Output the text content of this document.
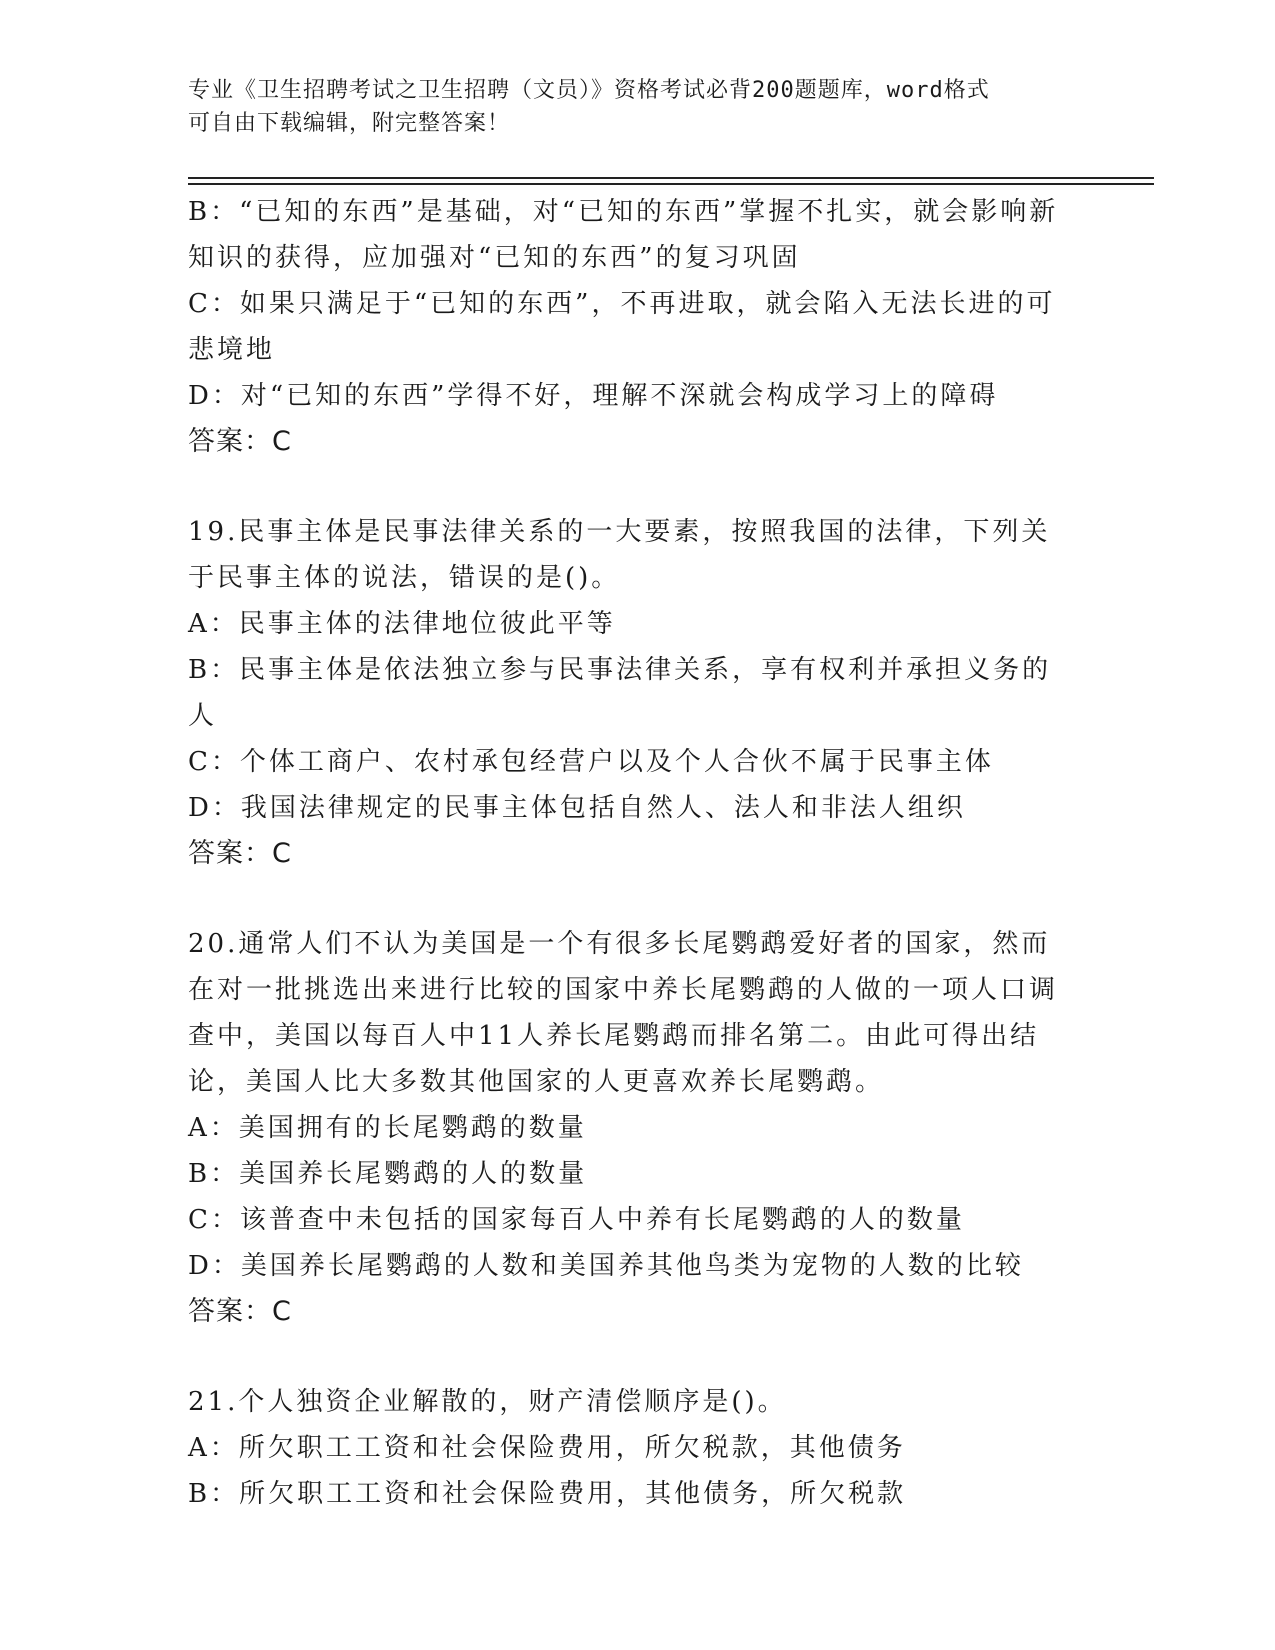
专业《卫生招聘考试之卫生招聘（文员）》资格考试必背200题题库，word格式
可自由下载编辑，附完整答案！
B：“已知的东西”是基础，对“已知的东西”掌握不扎实，就会影响新知识的获得，应加强对“已知的东西”的复习巩固
C：如果只满足于“已知的东西”，不再进取，就会陷入无法长进的可悲境地
D：对“已知的东西”学得不好，理解不深就会构成学习上的障碍
答案：C
19.民事主体是民事法律关系的一大要素，按照我国的法律，下列关于民事主体的说法，错误的是()。
A：民事主体的法律地位彼此平等
B：民事主体是依法独立参与民事法律关系，享有权利并承担义务的人
C：个体工商户、农村承包经营户以及个人合伙不属于民事主体
D：我国法律规定的民事主体包括自然人、法人和非法人组织
答案：C
20.通常人们不认为美国是一个有很多长尾鹦鹉爱好者的国家，然而在对一批挑选出来进行比较的国家中养长尾鹦鹉的人做的一项人口调查中，美国以每百人中11人养长尾鹦鹉而排名第二。由此可得出结论，美国人比大多数其他国家的人更喜欢养长尾鹦鹉。
A：美国拥有的长尾鹦鹉的数量
B：美国养长尾鹦鹉的人的数量
C：该普查中未包括的国家每百人中养有长尾鹦鹉的人的数量
D：美国养长尾鹦鹉的人数和美国养其他鸟类为宠物的人数的比较
答案：C
21.个人独资企业解散的，财产清偿顺序是()。
A：所欠职工工资和社会保险费用，所欠税款，其他债务
B：所欠职工工资和社会保险费用，其他债务，所欠税款
